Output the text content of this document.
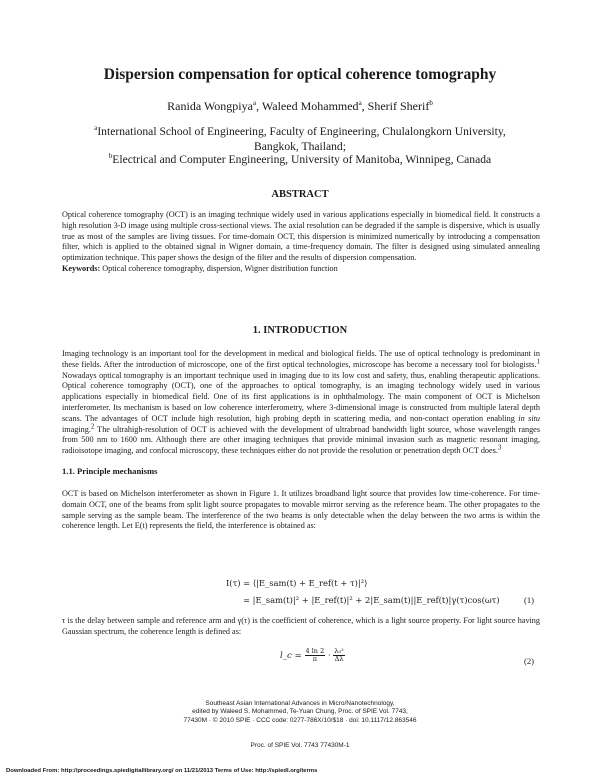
Dispersion compensation for optical coherence tomography
Ranida Wongpiya$^a$, Waleed Mohammed$^a$, Sherif Sherif$^b$
$^a$International School of Engineering, Faculty of Engineering, Chulalongkorn University, Bangkok, Thailand;
$^b$Electrical and Computer Engineering, University of Manitoba, Winnipeg, Canada
ABSTRACT
Optical coherence tomography (OCT) is an imaging technique widely used in various applications especially in biomedical field. It constructs a high resolution 3-D image using multiple cross-sectional views. The axial resolution can be degraded if the sample is dispersive, which is usually true as most of the samples are living tissues. For time-domain OCT, this dispersion is minimized numerically by introducing a compensation filter, which is applied to the obtained signal in Wigner domain, a time-frequency domain. The filter is designed using simulated annealing optimization technique. This paper shows the design of the filter and the results of dispersion compensation.
Keywords: Optical coherence tomography, dispersion, Wigner distribution function
1. INTRODUCTION
Imaging technology is an important tool for the development in medical and biological fields. The use of optical technology is predominant in these fields. After the introduction of microscope, one of the first optical technologies, microscope has become a necessary tool for biologists.$^1$ Nowadays optical tomography is an important technique used in imaging due to its low cost and safety, thus, enabling therapeutic applications. Optical coherence tomography (OCT), one of the approaches to optical tomography, is an imaging technology widely used in various applications especially in biomedical field. One of its first applications is in ophthalmology. The main component of OCT is Michelson interferometer. Its mechanism is based on low coherence interferometry, where 3-dimensional image is constructed from multiple lateral depth scans. The advantages of OCT include high resolution, high probing depth in scattering media, and non-contact operation enabling in situ imaging.$^2$ The ultrahigh-resolution of OCT is achieved with the development of ultrabroad bandwidth light source, whose wavelength ranges from 500 nm to 1600 nm. Although there are other imaging techniques that provide minimal invasion such as magnetic resonant imaging, radioisotope imaging, and confocal microscopy, these techniques either do not provide the resolution or penetration depth OCT does.$^3$
1.1. Principle mechanisms
OCT is based on Michelson interferometer as shown in Figure 1. It utilizes broadband light source that provides low time-coherence. For time-domain OCT, one of the beams from split light source propagates to movable mirror serving as the reference beam. The other propagates to the sample serving as the sample beam. The interference of the two beams is only detectable when the delay between the two arms is within the coherence length. Let E(t) represents the field, the interference is obtained as:
I(τ) = ⟨|E_sam(t) + E_ref(t + τ)|²⟩
= |E_sam(t)|² + |E_ref(t)|² + 2|E_sam(t)||E_ref(t)|γ(τ)cos(ωτ)	(1)
τ is the delay between sample and reference arm and γ(τ) is the coefficient of coherence, which is a light source property. For light source having Gaussian spectrum, the coherence length is defined as:
l_c = $\frac{4 \ln 2}{\pi} \cdot \frac{\text{λ₀²}}{\Delta\lambda}$	(2)
Southeast Asian International Advances in Micro/Nanotechnology,
edited by Waleed S. Mohammed, Te-Yuan Chung, Proc. of SPIE Vol. 7743,
77430M · © 2010 SPIE · CCC code: 0277-786X/10/$18 · doi: 10.1117/12.863546
Proc. of SPIE Vol. 7743 77430M-1
Downloaded From: http://proceedings.spiedigitallibrary.org/ on 11/21/2013 Terms of Use: http://spiedl.org/terms
